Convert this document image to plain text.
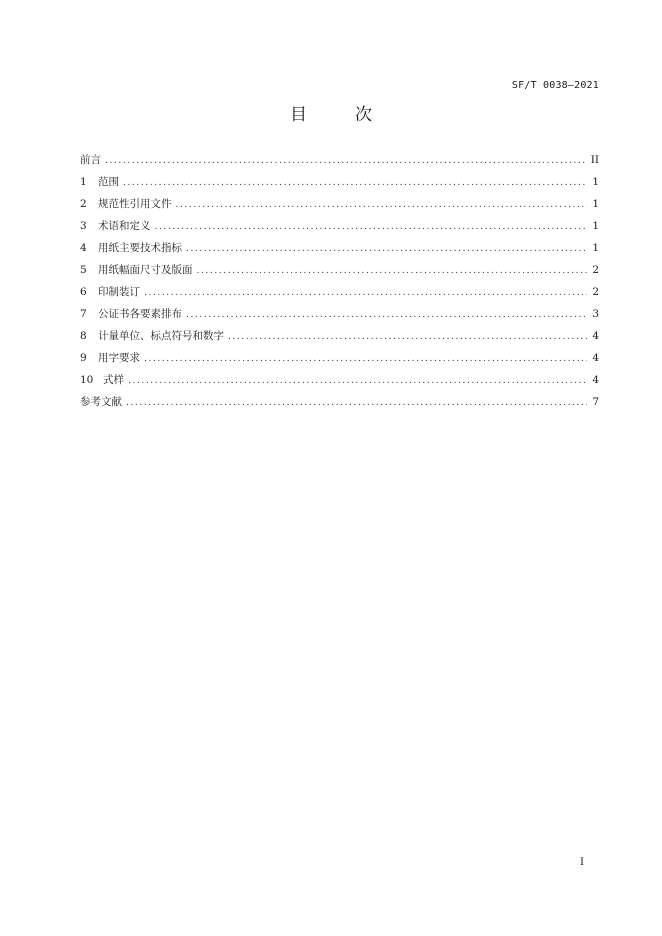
SF/T 0038—2021
目	次
前言 .....	II
1	范围 .....	1
2	规范性引用文件 .....	1
3	术语和定义 .....	1
4	用纸主要技术指标 .....	1
5	用纸幅面尺寸及版面 .....	2
6	印制装订 .....	2
7	公证书各要素排布 .....	3
8	计量单位、标点符号和数字 .....	4
9	用字要求 .....	4
10 式样 .....	4
参考文献 .....	7
I
